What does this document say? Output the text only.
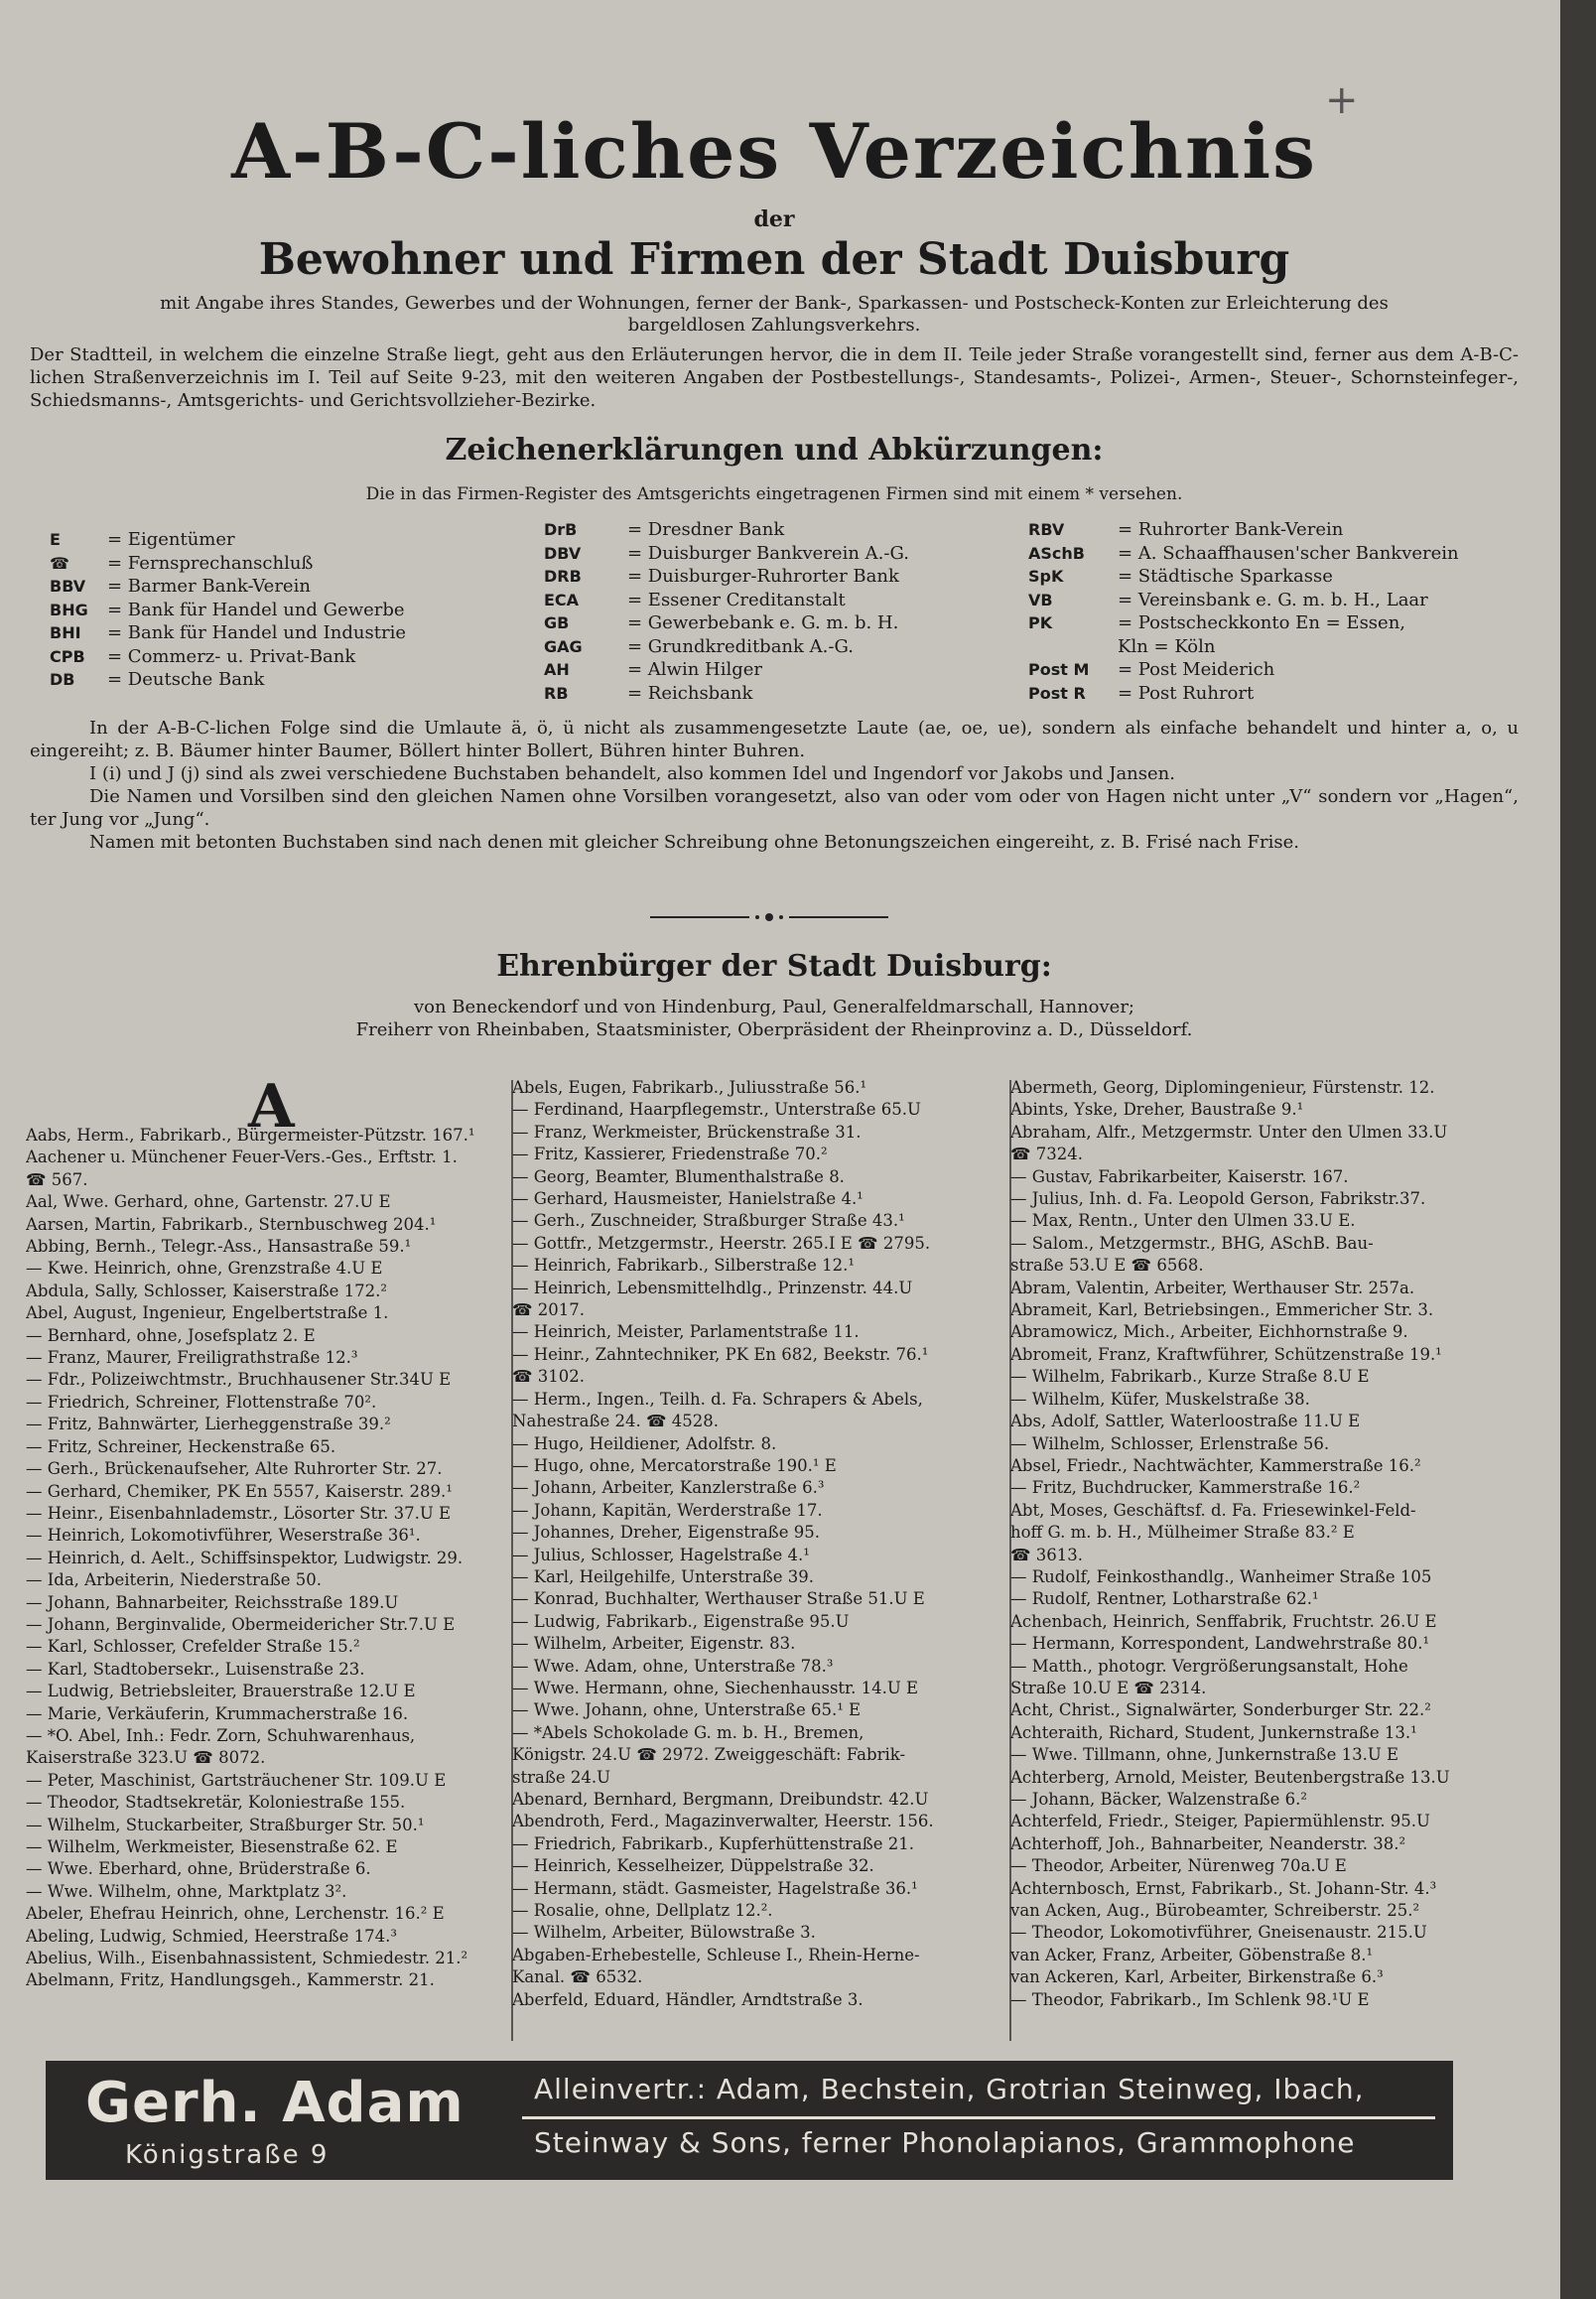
+
A-B-C-liches Verzeichnis
der
Bewohner und Firmen der Stadt Duisburg
mit Angabe ihres Standes, Gewerbes und der Wohnungen, ferner der Bank-, Sparkassen- und Postscheck-Konten zur Erleichterung des
bargeldlosen Zahlungsverkehrs.
Der Stadtteil, in welchem die einzelne Straße liegt, geht aus den Erläuterungen hervor, die in dem II. Teile jeder Straße vorangestellt sind, ferner aus dem A-B-C-lichen Straßenverzeichnis im I. Teil auf Seite 9-23, mit den weiteren Angaben der Postbestellungs-, Standesamts-, Polizei-, Armen-, Steuer-, Schornsteinfeger-, Schiedsmanns-, Amtsgerichts- und Gerichtsvollzieher-Bezirke.
Zeichenerklärungen und Abkürzungen:
Die in das Firmen-Register des Amtsgerichts eingetragenen Firmen sind mit einem * versehen.
E	= Eigentümer
☎ = Fernsprechanschluß
BBV = Barmer Bank-Verein
BHG = Bank für Handel und Gewerbe
BHI = Bank für Handel und Industrie
CPB = Commerz- u. Privat-Bank
DB = Deutsche Bank
DrB	= Dresdner Bank
DBV	= Duisburger Bankverein A.-G.
DRB	= Duisburger-Ruhrorter Bank
ECA	= Essener Creditanstalt
GB	= Gewerbebank e. G. m. b. H.
GAG	= Grundkreditbank A.-G.
AH	= Alwin Hilger
RB	= Reichsbank
RBV	= Ruhrorter Bank-Verein
ASchB = A. Schaaffhausen'scher Bankverein
SpK	= Städtische Sparkasse
VB	= Vereinsbank e. G. m. b. H., Laar
PK	= Postscheckkonto En = Essen,
Kln = Köln
Post M = Post Meiderich
Post R = Post Ruhrort

In der A-B-C-lichen Folge sind die Umlaute ä, ö, ü nicht als zusammengesetzte Laute (ae, oe, ue), sondern als einfache behandelt und hinter a, o, u eingereiht; z. B. Bäumer hinter Baumer, Böllert hinter Bollert, Bühren hinter Buhren.

I (i) und J (j) sind als zwei verschiedene Buchstaben behandelt, also kommen Idel und Ingendorf vor Jakobs und Jansen.

Die Namen und Vorsilben sind den gleichen Namen ohne Vorsilben vorangesetzt, also van oder vom oder von Hagen nicht unter „V“ sondern vor „Hagen“, ter Jung vor „Jung“.

Namen mit betonten Buchstaben sind nach denen mit gleicher Schreibung ohne Betonungszeichen eingereiht, z. B. Frisé nach Frise.

Ehrenbürger der Stadt Duisburg:
von Beneckendorf und von Hindenburg, Paul, Generalfeldmarschall, Hannover;
Freiherr von Rheinbaben, Staatsminister, Oberpräsident der Rheinprovinz a. D., Düsseldorf.
A
Aabs, Herm., Fabrikarb., Bürgermeister-Pützstr. 167.¹
Aachener u. Münchener Feuer-Vers.-Ges., Erftstr. 1.
☎ 567.
Aal, Wwe. Gerhard, ohne, Gartenstr. 27.U E
Aarsen, Martin, Fabrikarb., Sternbuschweg 204.¹
Abbing, Bernh., Telegr.-Ass., Hansastraße 59.¹
— Kwe. Heinrich, ohne, Grenzstraße 4.U E
Abdula, Sally, Schlosser, Kaiserstraße 172.²
Abel, August, Ingenieur, Engelbertstraße 1.
— Bernhard, ohne, Josefsplatz 2. E
— Franz, Maurer, Freiligrathstraße 12.³
— Fdr., Polizeiwchtmstr., Bruchhausener Str.34U E
— Friedrich, Schreiner, Flottenstraße 70².
— Fritz, Bahnwärter, Lierheggenstraße 39.²
— Fritz, Schreiner, Heckenstraße 65.
— Gerh., Brückenaufseher, Alte Ruhrorter Str. 27.
— Gerhard, Chemiker, PK En 5557, Kaiserstr. 289.¹
— Heinr., Eisenbahnlademstr., Lösorter Str. 37.U E
— Heinrich, Lokomotivführer, Weserstraße 36¹.
— Heinrich, d. Aelt., Schiffsinspektor, Ludwigstr. 29.
— Ida, Arbeiterin, Niederstraße 50.
— Johann, Bahnarbeiter, Reichsstraße 189.U
— Johann, Berginvalide, Obermeidericher Str.7.U E
— Karl, Schlosser, Crefelder Straße 15.²
— Karl, Stadtobersekr., Luisenstraße 23.
— Ludwig, Betriebsleiter, Brauerstraße 12.U E
— Marie, Verkäuferin, Krummacherstraße 16.
— *O. Abel, Inh.: Fedr. Zorn, Schuhwarenhaus,
Kaiserstraße 323.U ☎ 8072.
— Peter, Maschinist, Gartsträuchener Str. 109.U E
— Theodor, Stadtsekretär, Koloniestraße 155.
— Wilhelm, Stuckarbeiter, Straßburger Str. 50.¹
— Wilhelm, Werkmeister, Biesenstraße 62. E
— Wwe. Eberhard, ohne, Brüderstraße 6.
— Wwe. Wilhelm, ohne, Marktplatz 3².
Abeler, Ehefrau Heinrich, ohne, Lerchenstr. 16.² E
Abeling, Ludwig, Schmied, Heerstraße 174.³
Abelius, Wilh., Eisenbahnassistent, Schmiedestr. 21.²
Abelmann, Fritz, Handlungsgeh., Kammerstr. 21.
Abels, Eugen, Fabrikarb., Juliusstraße 56.¹
— Ferdinand, Haarpflegemstr., Unterstraße 65.U
— Franz, Werkmeister, Brückenstraße 31.
— Fritz, Kassierer, Friedenstraße 70.²
— Georg, Beamter, Blumenthalstraße 8.
— Gerhard, Hausmeister, Hanielstraße 4.¹
— Gerh., Zuschneider, Straßburger Straße 43.¹
— Gottfr., Metzgermstr., Heerstr. 265.I E ☎ 2795.
— Heinrich, Fabrikarb., Silberstraße 12.¹
— Heinrich, Lebensmittelhdlg., Prinzenstr. 44.U
☎ 2017.
— Heinrich, Meister, Parlamentstraße 11.
— Heinr., Zahntechniker, PK En 682, Beekstr. 76.¹
☎ 3102.
— Herm., Ingen., Teilh. d. Fa. Schrapers & Abels,
Nahestraße 24. ☎ 4528.
— Hugo, Heildiener, Adolfstr. 8.
— Hugo, ohne, Mercatorstraße 190.¹ E
— Johann, Arbeiter, Kanzlerstraße 6.³
— Johann, Kapitän, Werderstraße 17.
— Johannes, Dreher, Eigenstraße 95.
— Julius, Schlosser, Hagelstraße 4.¹
— Karl, Heilgehilfe, Unterstraße 39.
— Konrad, Buchhalter, Werthauser Straße 51.U E
— Ludwig, Fabrikarb., Eigenstraße 95.U
— Wilhelm, Arbeiter, Eigenstr. 83.
— Wwe. Adam, ohne, Unterstraße 78.³
— Wwe. Hermann, ohne, Siechenhausstr. 14.U E
— Wwe. Johann, ohne, Unterstraße 65.¹ E
— *Abels Schokolade G. m. b. H., Bremen,
Königstr. 24.U ☎ 2972. Zweiggeschäft: Fabrik-
straße 24.U
Abenard, Bernhard, Bergmann, Dreibundstr. 42.U
Abendroth, Ferd., Magazinverwalter, Heerstr. 156.
— Friedrich, Fabrikarb., Kupferhüttenstraße 21.
— Heinrich, Kesselheizer, Düppelstraße 32.
— Hermann, städt. Gasmeister, Hagelstraße 36.¹
— Rosalie, ohne, Dellplatz 12.².
— Wilhelm, Arbeiter, Bülowstraße 3.
Abgaben-Erhebestelle, Schleuse I., Rhein-Herne-
Kanal. ☎ 6532.
Aberfeld, Eduard, Händler, Arndtstraße 3.
Abermeth, Georg, Diplomingenieur, Fürstenstr. 12.
Abints, Yske, Dreher, Baustraße 9.¹
Abraham, Alfr., Metzgermstr. Unter den Ulmen 33.U
☎ 7324.
— Gustav, Fabrikarbeiter, Kaiserstr. 167.
— Julius, Inh. d. Fa. Leopold Gerson, Fabrikstr.37.
— Max, Rentn., Unter den Ulmen 33.U E.
— Salom., Metzgermstr., BHG, ASchB. Bau-
straße 53.U E ☎ 6568.
Abram, Valentin, Arbeiter, Werthauser Str. 257a.
Abrameit, Karl, Betriebsingen., Emmericher Str. 3.
Abramowicz, Mich., Arbeiter, Eichhornstraße 9.
Abromeit, Franz, Kraftwführer, Schützenstraße 19.¹
— Wilhelm, Fabrikarb., Kurze Straße 8.U E
— Wilhelm, Küfer, Muskelstraße 38.
Abs, Adolf, Sattler, Waterloostraße 11.U E
— Wilhelm, Schlosser, Erlenstraße 56.
Absel, Friedr., Nachtwächter, Kammerstraße 16.²
— Fritz, Buchdrucker, Kammerstraße 16.²
Abt, Moses, Geschäftsf. d. Fa. Friesewinkel-Feld-
hoff G. m. b. H., Mülheimer Straße 83.² E
☎ 3613.
— Rudolf, Feinkosthandlg., Wanheimer Straße 105
— Rudolf, Rentner, Lotharstraße 62.¹
Achenbach, Heinrich, Senffabrik, Fruchtstr. 26.U E
— Hermann, Korrespondent, Landwehrstraße 80.¹
— Matth., photogr. Vergrößerungsanstalt, Hohe
Straße 10.U E ☎ 2314.
Acht, Christ., Signalwärter, Sonderburger Str. 22.²
Achteraith, Richard, Student, Junkernstraße 13.¹
— Wwe. Tillmann, ohne, Junkernstraße 13.U E
Achterberg, Arnold, Meister, Beutenbergstraße 13.U
— Johann, Bäcker, Walzenstraße 6.²
Achterfeld, Friedr., Steiger, Papiermühlenstr. 95.U
Achterhoff, Joh., Bahnarbeiter, Neanderstr. 38.²
— Theodor, Arbeiter, Nürenweg 70a.U E
Achternbosch, Ernst, Fabrikarb., St. Johann-Str. 4.³
van Acken, Aug., Bürobeamter, Schreiberstr. 25.²
— Theodor, Lokomotivführer, Gneisenaustr. 215.U
van Acker, Franz, Arbeiter, Göbenstraße 8.¹
van Ackeren, Karl, Arbeiter, Birkenstraße 6.³
— Theodor, Fabrikarb., Im Schlenk 98.¹U E
Gerh. Adam
Königstraße 9
Alleinvertr.: Adam, Bechstein, Grotrian Steinweg, Ibach,
Steinway & Sons, ferner Phonolapianos, Grammophone
